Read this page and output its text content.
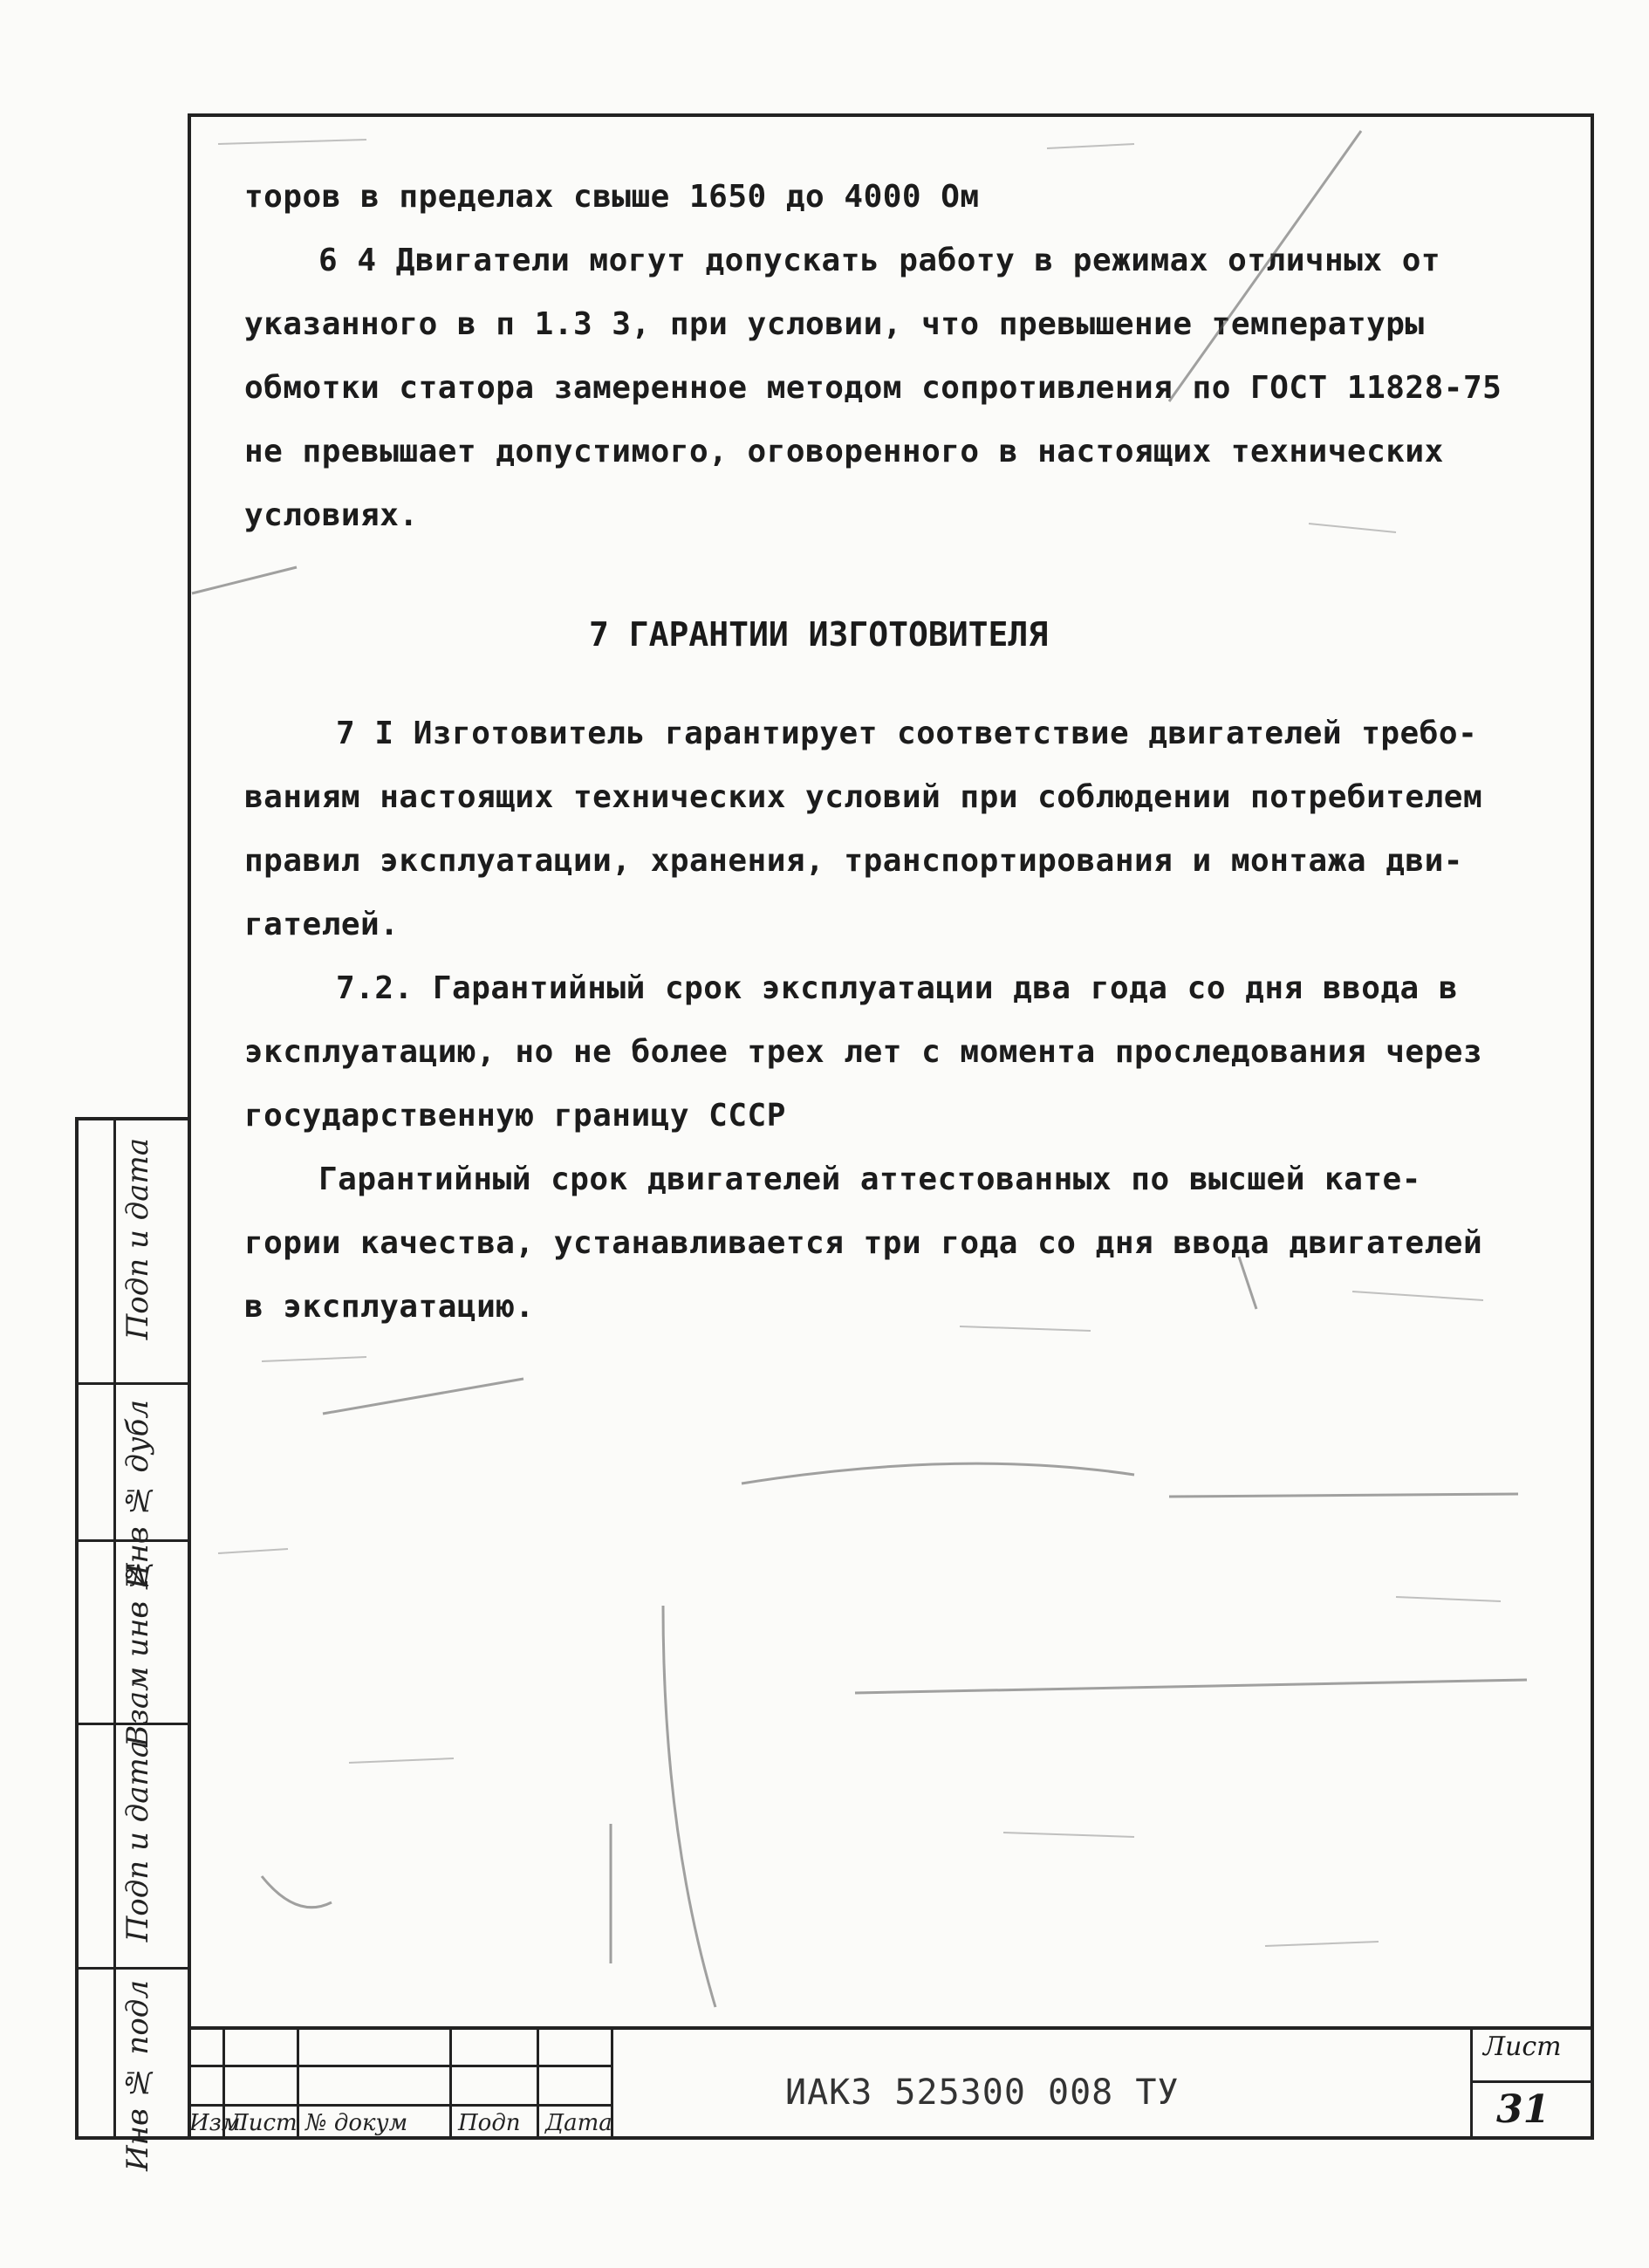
Подп и дата
Инв № дубл
Взам инв №
Подп и дата
Инв № подл
торов в пределах свыше 1650 до 4000 Ом
6 4 Двигатели могут допускать работу в режимах отличных от
указанного в п 1.3 3, при условии, что превышение температуры
обмотки статора замеренное методом сопротивления по ГОСТ 11828-75
не превышает допустимого, оговоренного в настоящих технических
условиях.
7 ГАРАНТИИ ИЗГОТОВИТЕЛЯ
7 I Изготовитель гарантирует соответствие двигателей требо-
ваниям настоящих технических условий при соблюдении потребителем
правил эксплуатации, хранения, транспортирования и монтажа дви-
гателей.
7.2. Гарантийный срок эксплуатации два года со дня ввода в
эксплуатацию, но не более трех лет с момента проследования через
государственную границу СССР
Гарантийный срок двигателей аттестованных по высшей кате-
гории качества, устанавливается три года со дня ввода двигателей
в эксплуатацию.
Изм
Лист № докум Подп Дата
ИАКЗ 525300 008 ТУ
Лист
31
